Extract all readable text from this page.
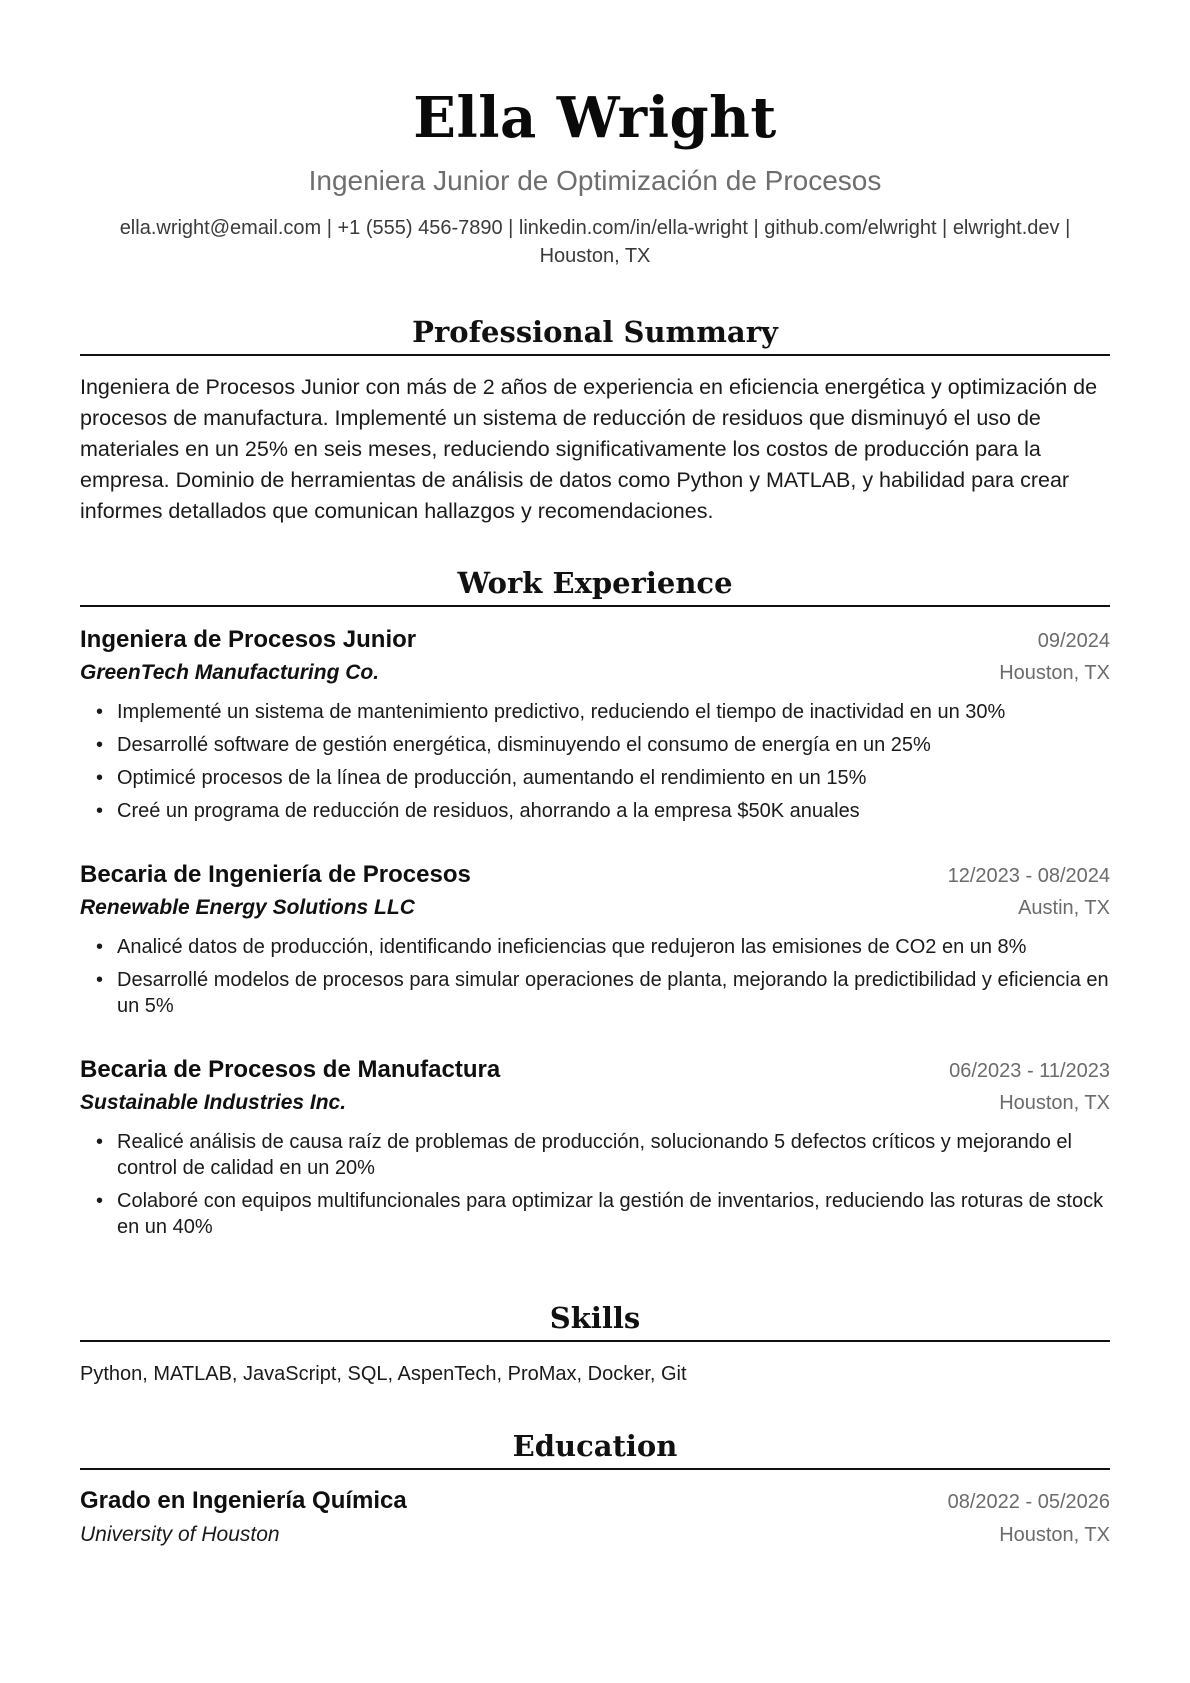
Ella Wright
Ingeniera Junior de Optimización de Procesos
ella.wright@email.com | +1 (555) 456-7890 | linkedin.com/in/ella-wright | github.com/elwright | elwright.dev |
Houston, TX
Professional Summary

Ingeniera de Procesos Junior con más de 2 años de experiencia en eficiencia energética y optimización de procesos de manufactura. Implementé un sistema de reducción de residuos que disminuyó el uso de materiales en un 25% en seis meses, reduciendo significativamente los costos de producción para la empresa. Dominio de herramientas de análisis de datos como Python y MATLAB, y habilidad para crear informes detallados que comunican hallazgos y recomendaciones.

Work Experience
Ingeniera de Procesos Junior	09/2024
GreenTech Manufacturing Co.	Houston, TX
• Implementé un sistema de mantenimiento predictivo, reduciendo el tiempo de inactividad en un 30%
• Desarrollé software de gestión energética, disminuyendo el consumo de energía en un 25%
• Optimicé procesos de la línea de producción, aumentando el rendimiento en un 15%
• Creé un programa de reducción de residuos, ahorrando a la empresa $50K anuales
Becaria de Ingeniería de Procesos	12/2023 - 08/2024
Renewable Energy Solutions LLC	Austin, TX
• Analicé datos de producción, identificando ineficiencias que redujeron las emisiones de CO2 en un 8%
• Desarrollé modelos de procesos para simular operaciones de planta, mejorando la predictibilidad y eficiencia en un 5%
Becaria de Procesos de Manufactura	06/2023 - 11/2023
Sustainable Industries Inc.	Houston, TX
• Realicé análisis de causa raíz de problemas de producción, solucionando 5 defectos críticos y mejorando el control de calidad en un 20%
• Colaboré con equipos multifuncionales para optimizar la gestión de inventarios, reduciendo las roturas de stock en un 40%
Skills

Python, MATLAB, JavaScript, SQL, AspenTech, ProMax, Docker, Git

Education
Grado en Ingeniería Química	08/2022 - 05/2026
University of Houston	Houston, TX
